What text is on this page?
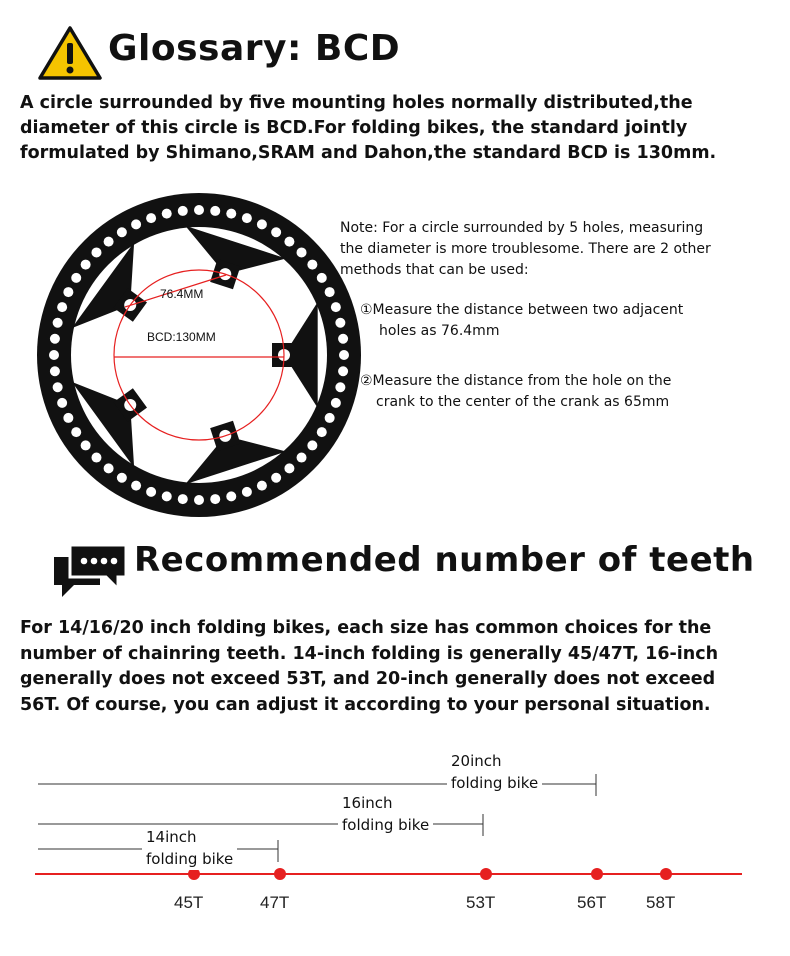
Glossary: BCD
A circle surrounded by five mounting holes normally distributed,the
diameter of this circle is BCD.For folding bikes, the standard jointly
formulated by Shimano,SRAM and Dahon,the standard BCD is 130mm.
76.4MM
BCD:130MM
Note: For a circle surrounded by 5 holes, measuring
the diameter is more troublesome. There are 2 other
methods that can be used:
①Measure the distance between two adjacent
holes as 76.4mm
②Measure the distance from the hole on the
crank to the center of the crank as 65mm
Recommended number of teeth
For 14/16/20 inch folding bikes, each size has common choices for the
number of chainring teeth. 14-inch folding is generally 45/47T, 16-inch
generally does not exceed 53T, and 20-inch generally does not exceed
56T. Of course, you can adjust it according to your personal situation.
20inch
folding bike
16inch
folding bike
14inch
folding bike
45T	47T	53T	56T 58T
